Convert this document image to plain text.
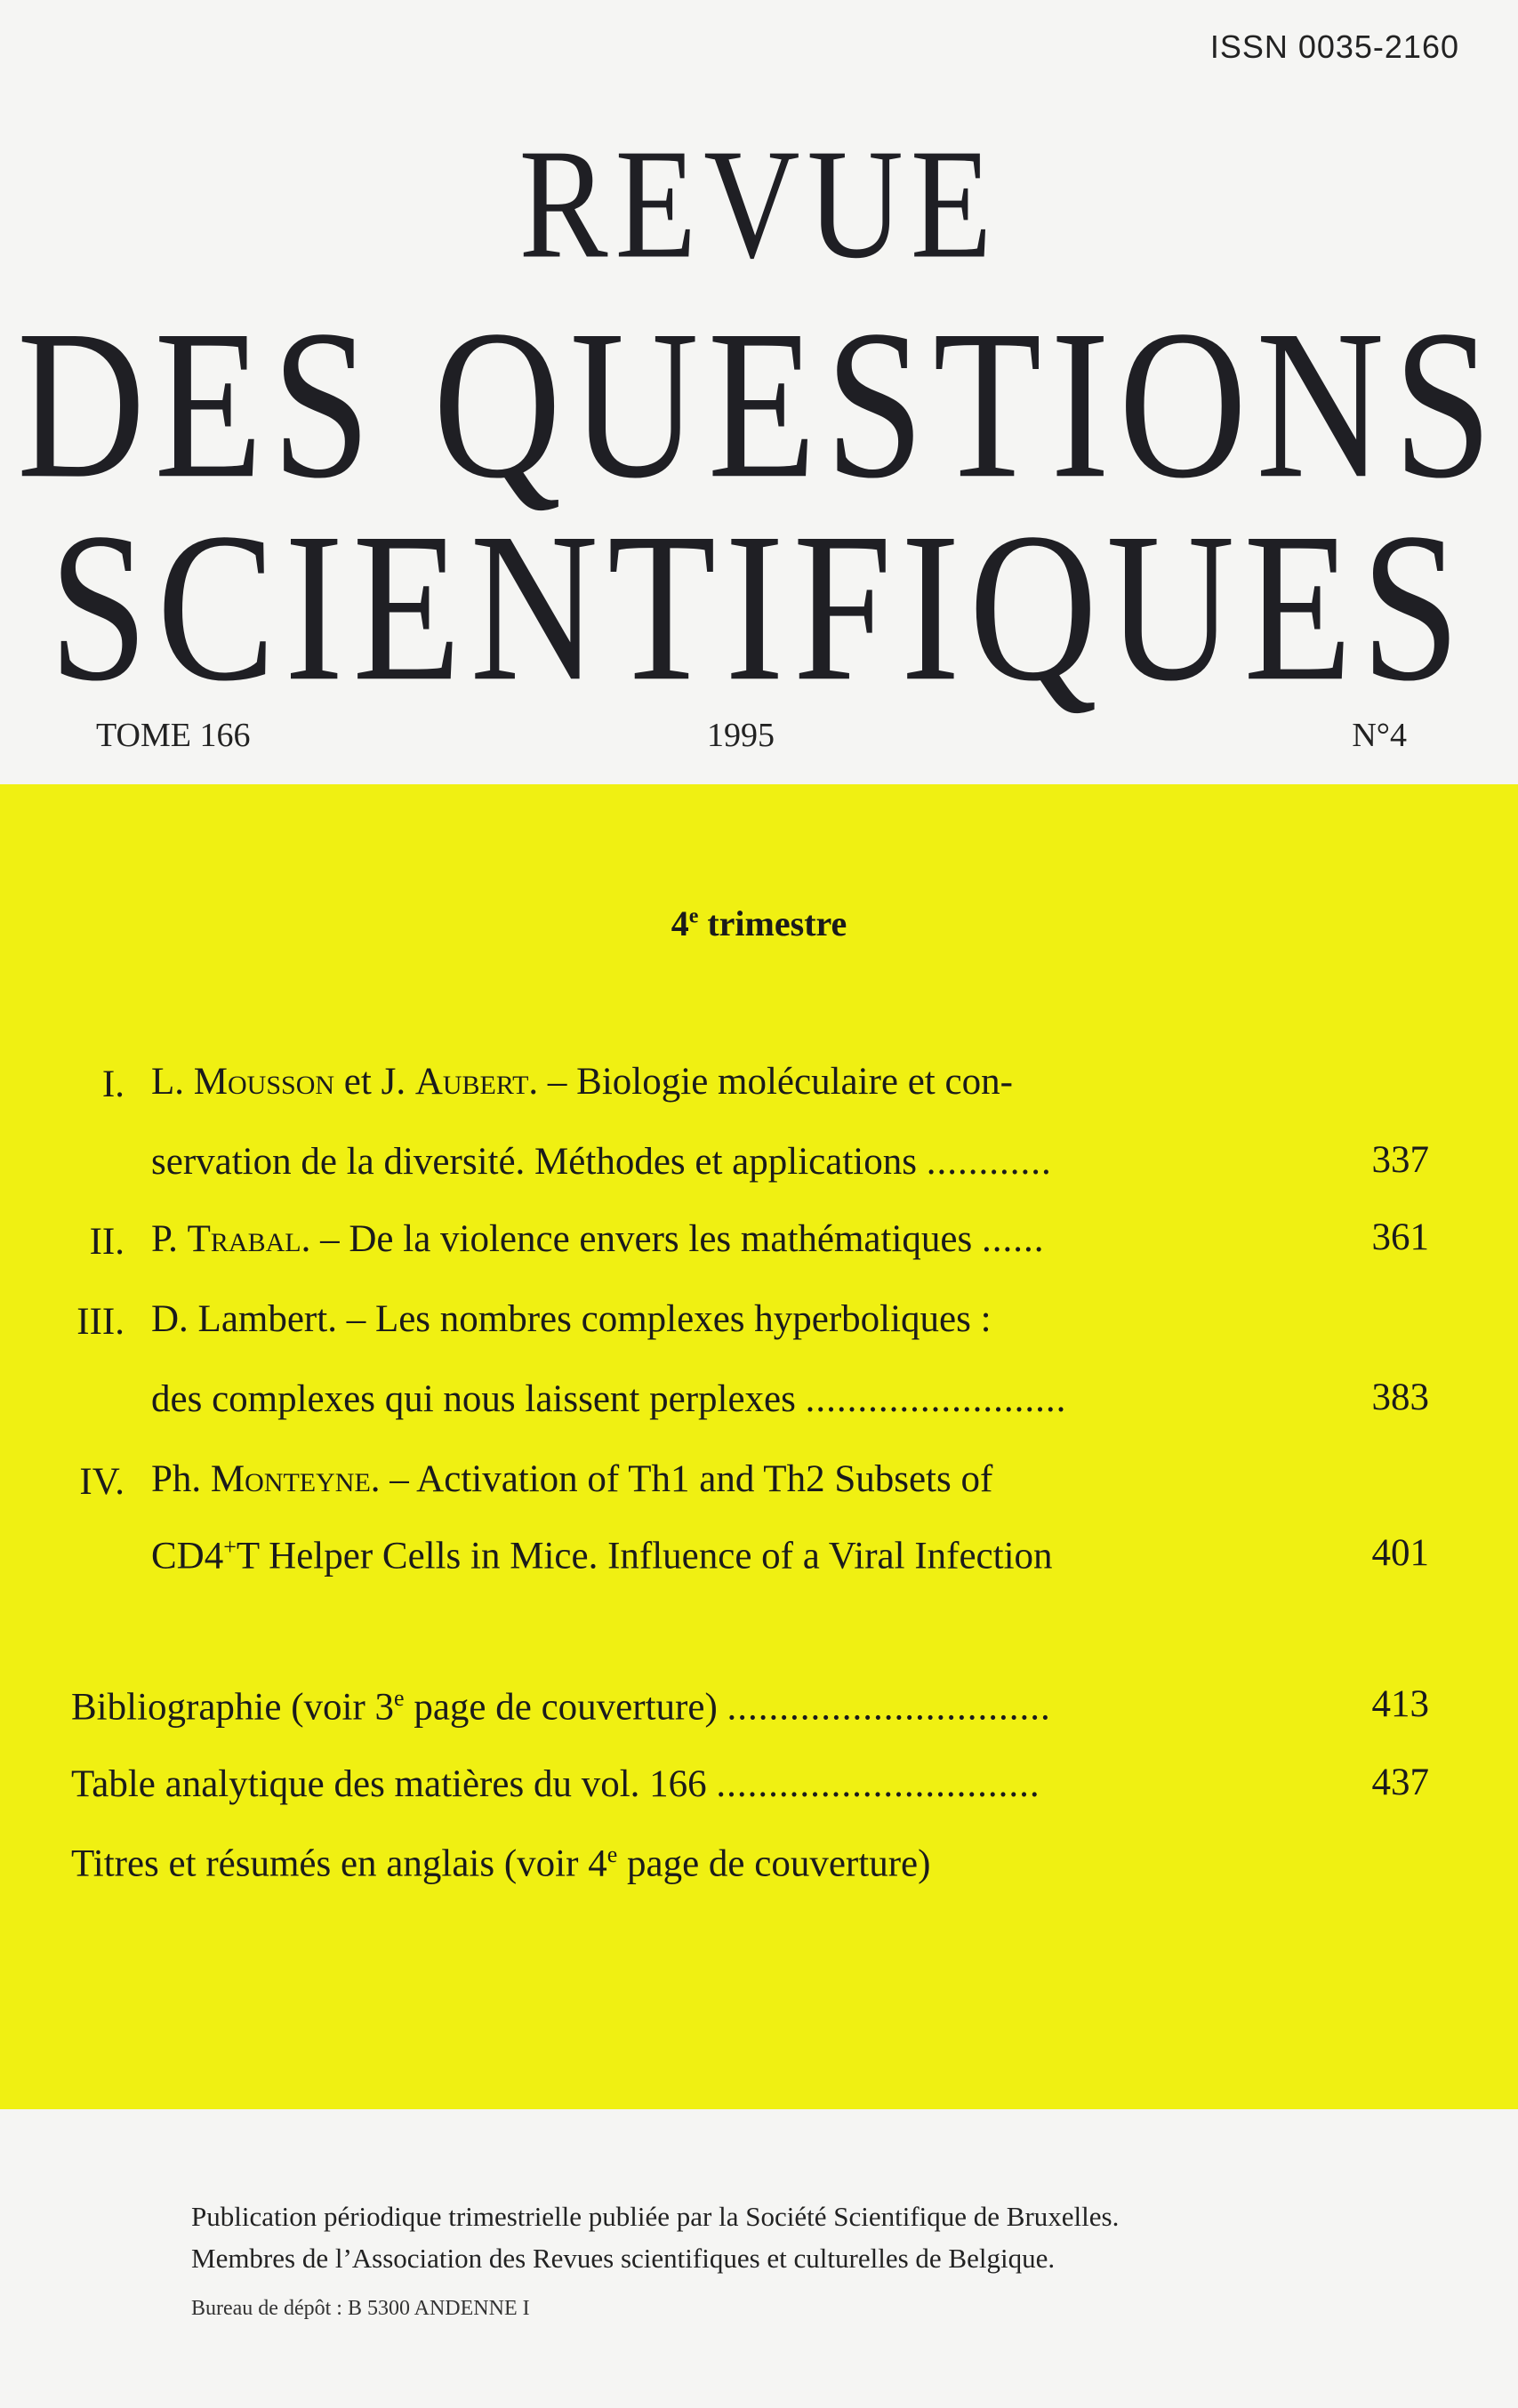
ISSN 0035-2160
REVUE
DES QUESTIONS
SCIENTIFIQUES
TOME 166	1995	N°4
4e trimestre
I. L. Mousson et J. Aubert. – Biologie moléculaire et con-
servation de la diversité. Méthodes et applications ............	337
II. P. Trabal. – De la violence envers les mathématiques ......	361
III. D. Lambert. – Les nombres complexes hyperboliques :
des complexes qui nous laissent perplexes .........................	383
IV. Ph. Monteyne. – Activation of Th1 and Th2 Subsets of
CD4+T Helper Cells in Mice. Influence of a Viral Infection	401
Bibliographie (voir 3e page de couverture) ...............................	413
Table analytique des matières du vol. 166 ...............................	437
Titres et résumés en anglais (voir 4e page de couverture)
Publication périodique trimestrielle publiée par la Société Scientifique de Bruxelles.
Membres de l’Association des Revues scientifiques et culturelles de Belgique.
Bureau de dépôt : B 5300 ANDENNE I
